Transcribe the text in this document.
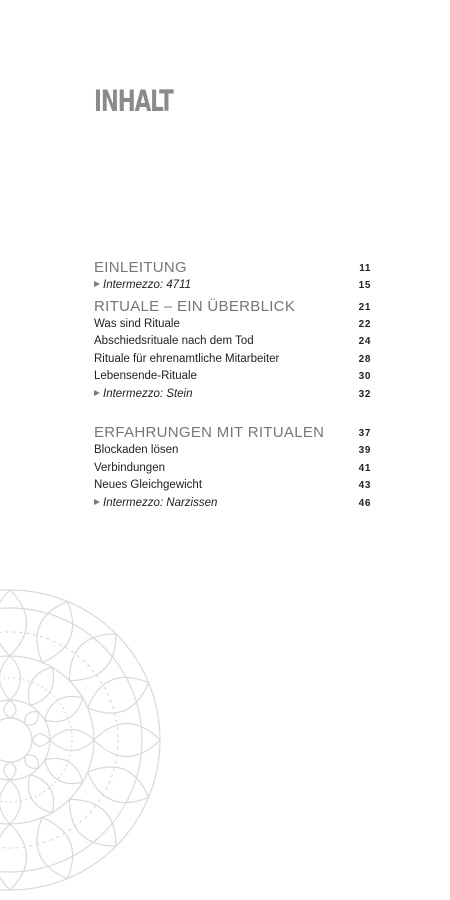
INHALT
EINLEITUNG	11
Intermezzo: 4711	15
RITUALE – EIN ÜBERBLICK	21
Was sind Rituale	22
Abschiedsrituale nach dem Tod	24
Rituale für ehrenamtliche Mitarbeiter	28
Lebensende-Rituale	30
Intermezzo: Stein	32
ERFAHRUNGEN MIT RITUALEN	37
Blockaden lösen	39
Verbindungen	41
Neues Gleichgewicht	43
Intermezzo: Narzissen	46
